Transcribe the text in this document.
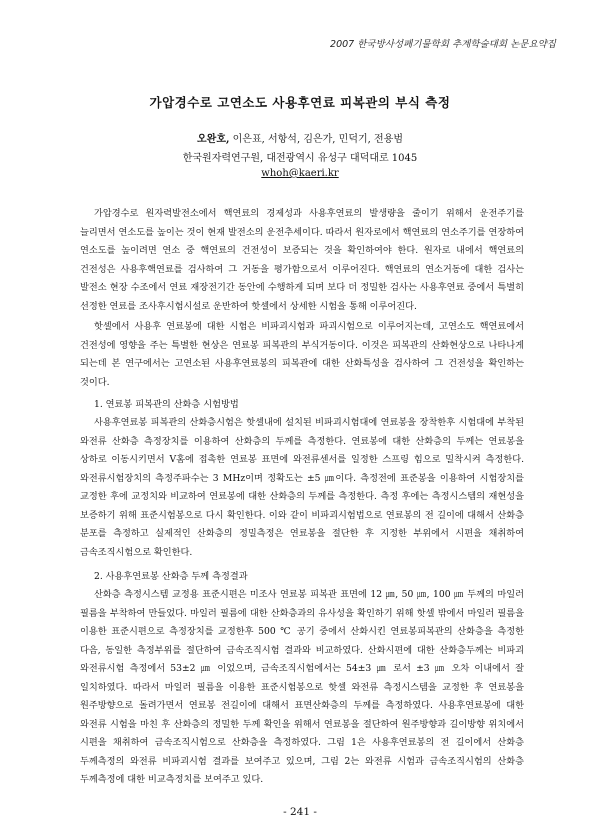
2007 한국방사성폐기물학회 추계학술대회 논문요약집
가압경수로 고연소도 사용후연료 피복관의 부식 측정
오완호, 이은표, 서항석, 김은가, 민덕기, 전용범
한국원자력연구원, 대전광역시 유성구 대덕대로 1045
whoh@kaeri.kr

가압경수로 원자력발전소에서 핵연료의 경제성과 사용후연료의 발생량을 줄이기 위해서 운전주기를 늘리면서 연소도를 높이는 것이 현재 발전소의 운전추세이다. 따라서 원자로에서 핵연료의 연소주기를 연장하여 연소도를 높이려면 연소 중 핵연료의 건전성이 보증되는 것을 확인하여야 한다. 원자로 내에서 핵연료의 건전성은 사용후핵연료를 검사하여 그 거동을 평가함으로서 이루어진다. 핵연료의 연소거동에 대한 검사는 발전소 현장 수조에서 연료 재장전기간 동안에 수행하게 되며 보다 더 정밀한 검사는 사용후연료 중에서 특별히 선정한 연료를 조사후시험시설로 운반하여 핫셀에서 상세한 시험을 통해 이루어진다.

핫셀에서 사용후 연료봉에 대한 시험은 비파괴시험과 파괴시험으로 이루어지는데, 고연소도 핵연료에서 건전성에 영향을 주는 특별한 현상은 연료봉 피복관의 부식거동이다. 이것은 피복관의 산화현상으로 나타나게 되는데 본 연구에서는 고연소된 사용후연료봉의 피복관에 대한 산화특성을 검사하여 그 건전성을 확인하는 것이다.

1. 연료봉 피복관의 산화층 시험방법

사용후연료봉 피복관의 산화층시험은 핫셀내에 설치된 비파괴시험대에 연료봉을 장착한후 시험대에 부착된 와전류 산화층 측정장치를 이용하여 산화층의 두께를 측정한다. 연료봉에 대한 산화층의 두께는 연료봉을 상하로 이동시키면서 V홈에 접촉한 연료봉 표면에 와전류센서를 일정한 스프링 힘으로 밀착시켜 측정한다. 와전류시험장치의 측정주파수는 3 MHz이며 정확도는 ±5 ㎛이다. 측정전에 표준봉을 이용하여 시험장치를 교정한 후에 교정치와 비교하여 연료봉에 대한 산화층의 두께를 측정한다. 측정 후에는 측정시스템의 재현성을 보증하기 위해 표준시험봉으로 다시 확인한다. 이와 같이 비파괴시험법으로 연료봉의 전 길이에 대해서 산화층 분포를 측정하고 실제적인 산화층의 정밀측정은 연료봉을 절단한 후 지정한 부위에서 시편을 채취하여 금속조직시험으로 확인한다.

2. 사용후연료봉 산화층 두께 측정결과

산화층 측정시스템 교정용 표준시편은 미조사 연료봉 피복관 표면에 12 ㎛, 50 ㎛, 100 ㎛ 두께의 마일러 필름을 부착하여 만들었다. 마일러 필름에 대한 산화층과의 유사성을 확인하기 위해 핫셀 밖에서 마일러 필름을 이용한 표준시편으로 측정장치를 교정한후 500 ℃ 공기 중에서 산화시킨 연료봉피복관의 산화층을 측정한 다음, 동일한 측정부위를 절단하여 금속조직시험 결과와 비교하였다. 산화시편에 대한 산화층두께는 비파괴 와전류시험 측정에서 53±2 ㎛ 이었으며, 금속조직시험에서는 54±3 ㎛ 로서 ±3 ㎛ 오차 이내에서 잘 일치하였다. 따라서 마일러 필름을 이용한 표준시험봉으로 핫셀 와전류 측정시스템을 교정한 후 연료봉을 원주방향으로 돌려가면서 연료봉 전길이에 대해서 표면산화층의 두께를 측정하였다. 사용후연료봉에 대한 와전류 시험을 마친 후 산화층의 정밀한 두께 확인을 위해서 연료봉을 절단하여 원주방향과 길이방향 위치에서 시편을 채취하여 금속조직시험으로 산화층을 측정하였다. 그림 1은 사용후연료봉의 전 길이에서 산화층 두께측정의 와전류 비파괴시험 결과를 보여주고 있으며, 그림 2는 와전류 시험과 금속조직시험의 산화층 두께측정에 대한 비교측정치를 보여주고 있다.

- 241 -
